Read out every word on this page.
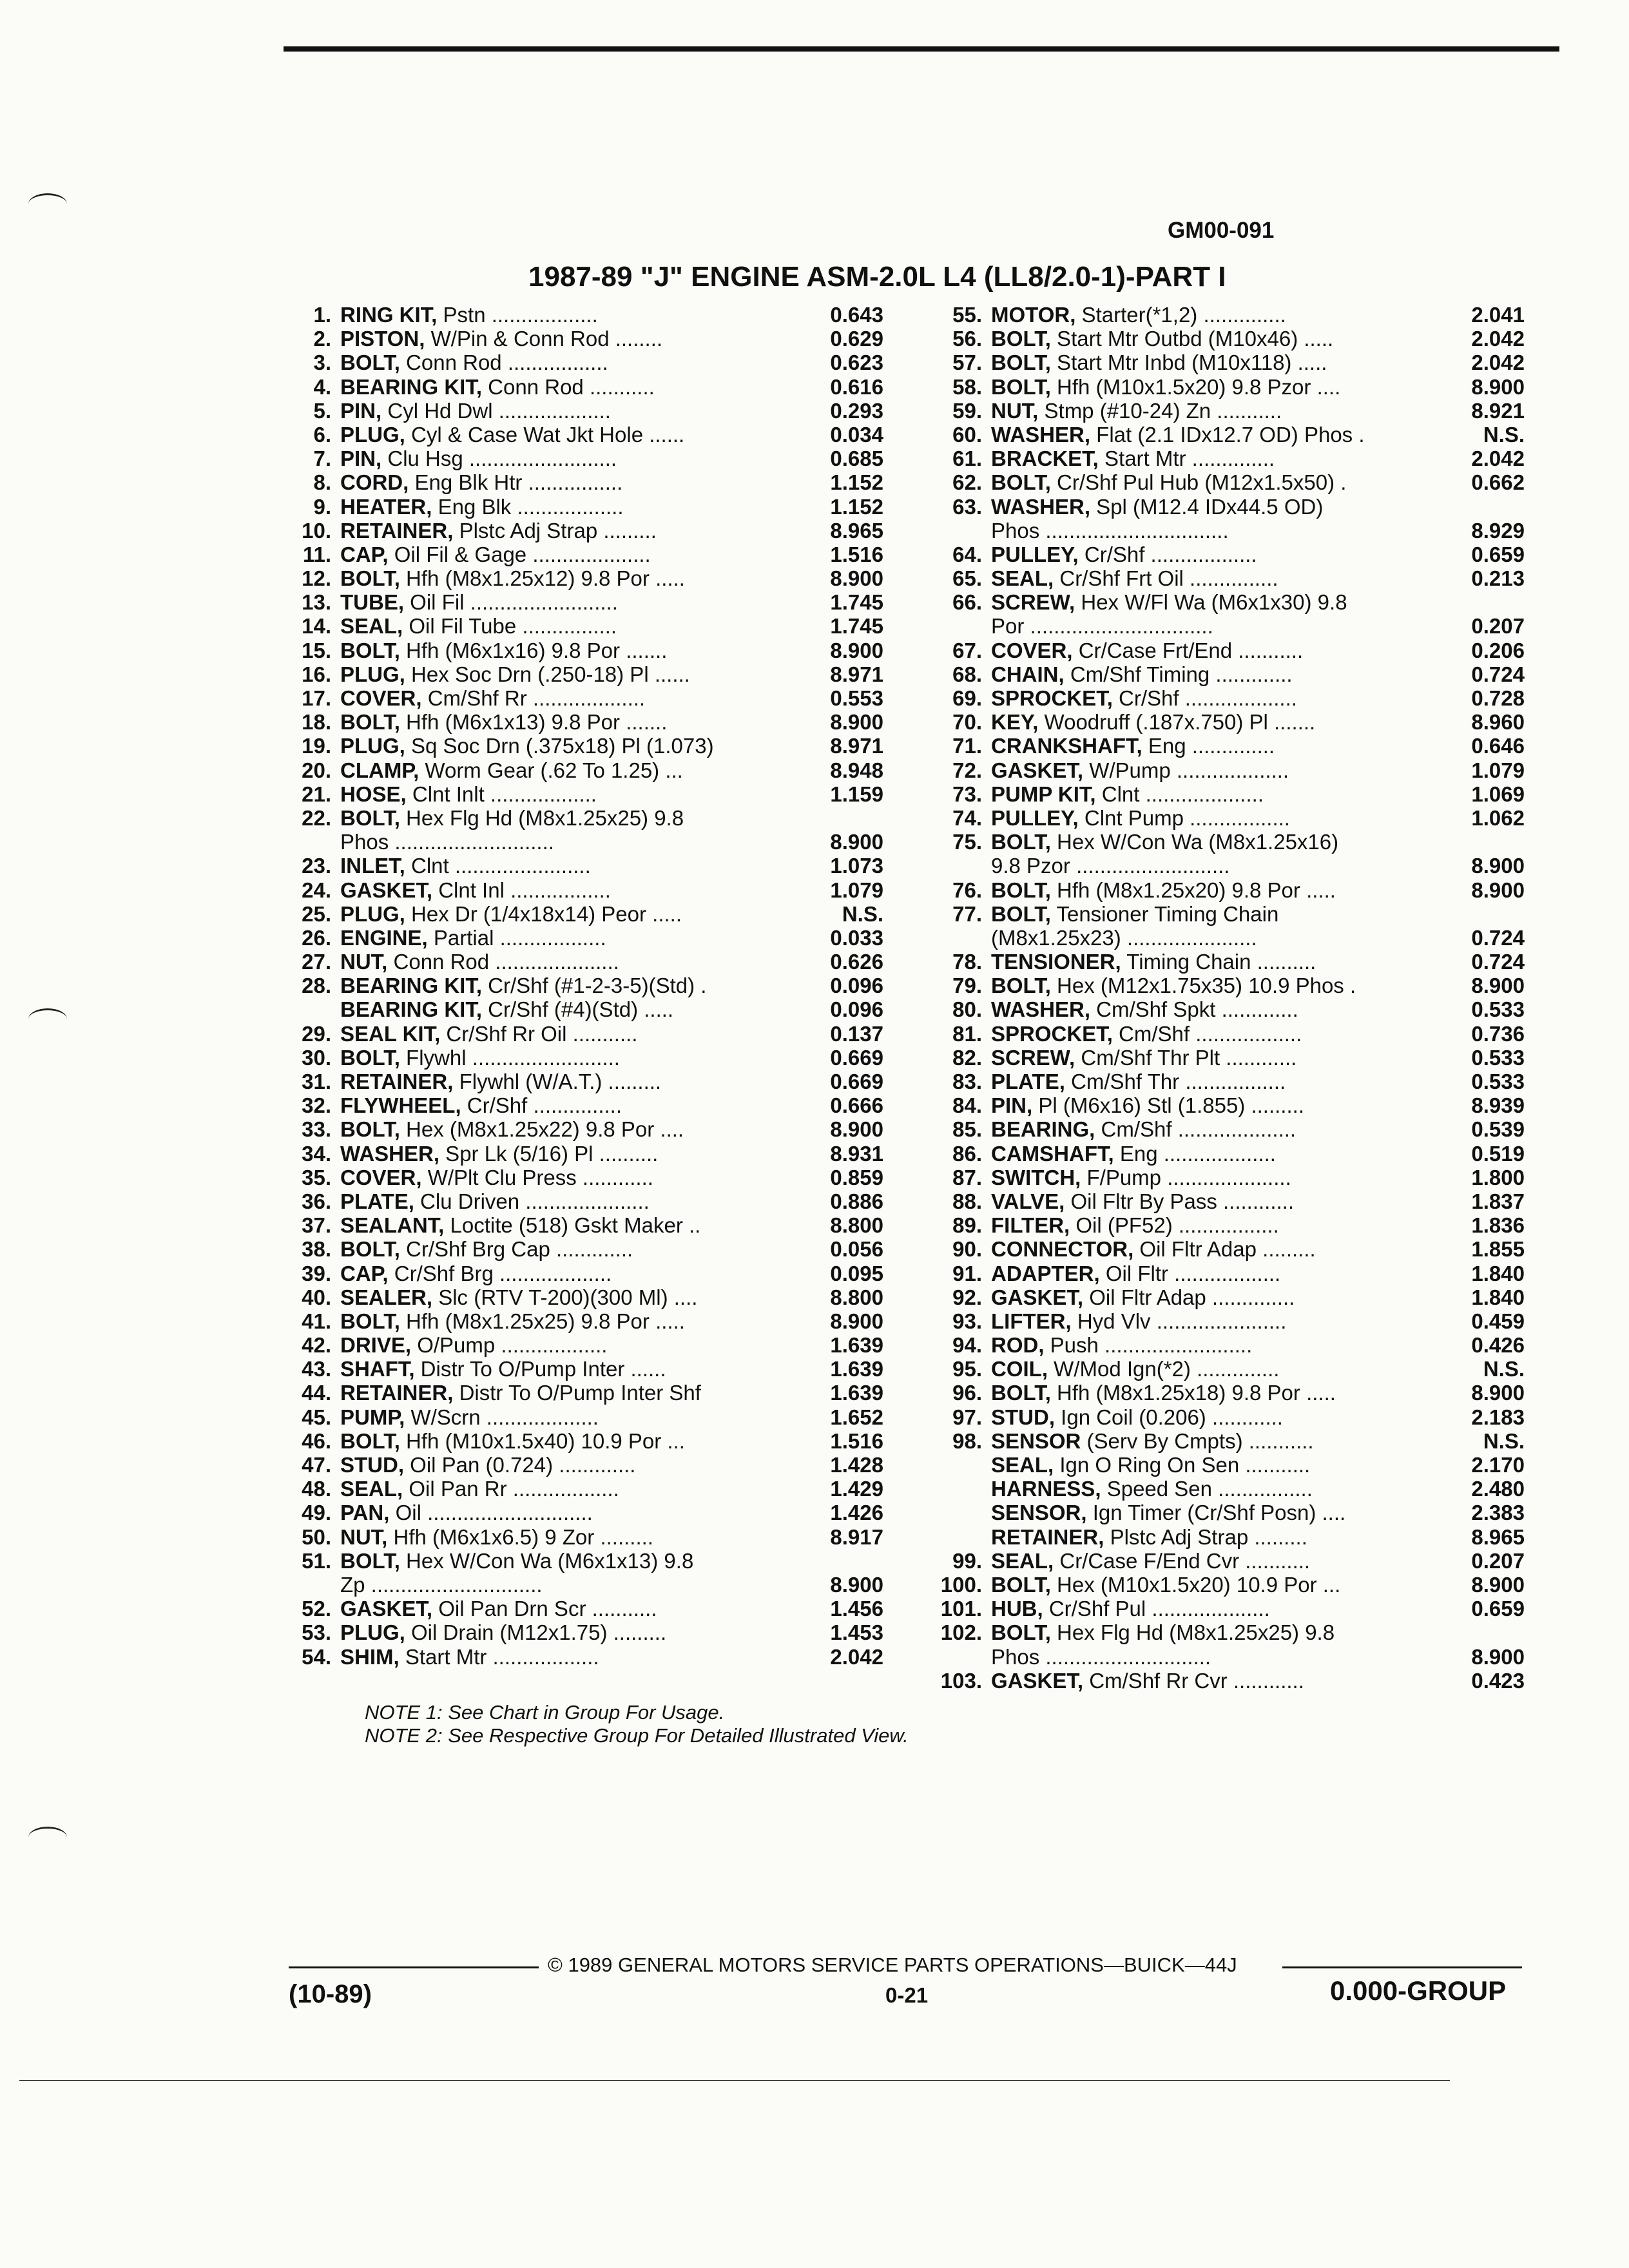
GM00-091
1987-89 "J" ENGINE ASM-2.0L L4 (LL8/2.0-1)-PART I
1. RING KIT, Pstn ..................	0.643
2. PISTON, W/Pin & Conn Rod ........	0.629
3. BOLT, Conn Rod .................	0.623
4. BEARING KIT, Conn Rod ...........	0.616
5. PIN, Cyl Hd Dwl ...................	0.293
6. PLUG, Cyl & Case Wat Jkt Hole ......	0.034
7. PIN, Clu Hsg .........................	0.685
8. CORD, Eng Blk Htr ................	1.152
9. HEATER, Eng Blk ..................	1.152
10. RETAINER, Plstc Adj Strap .........	8.965
11. CAP, Oil Fil & Gage ....................	1.516
12. BOLT, Hfh (M8x1.25x12) 9.8 Por .....	8.900
13. TUBE, Oil Fil .........................	1.745
14. SEAL, Oil Fil Tube ................	1.745
15. BOLT, Hfh (M6x1x16) 9.8 Por .......	8.900
16. PLUG, Hex Soc Drn (.250-18) Pl ......	8.971
17. COVER, Cm/Shf Rr ...................	0.553
18. BOLT, Hfh (M6x1x13) 9.8 Por .......	8.900
19. PLUG, Sq Soc Drn (.375x18) Pl (1.073)	8.971
20. CLAMP, Worm Gear (.62 To 1.25) ...	8.948
21. HOSE, Clnt Inlt ..................	1.159
22. BOLT, Hex Flg Hd (M8x1.25x25) 9.8
Phos ...........................	8.900
23. INLET, Clnt .......................	1.073
24. GASKET, Clnt Inl .................	1.079
25. PLUG, Hex Dr (1/4x18x14) Peor .....	N.S.
26. ENGINE, Partial ..................	0.033
27. NUT, Conn Rod .....................	0.626
28. BEARING KIT, Cr/Shf (#1-2-3-5)(Std) .	0.096
BEARING KIT, Cr/Shf (#4)(Std) .....	0.096
29. SEAL KIT, Cr/Shf Rr Oil ...........	0.137
30. BOLT, Flywhl .........................	0.669
31. RETAINER, Flywhl (W/A.T.) .........	0.669
32. FLYWHEEL, Cr/Shf ...............	0.666
33. BOLT, Hex (M8x1.25x22) 9.8 Por ....	8.900
34. WASHER, Spr Lk (5/16) Pl ..........	8.931
35. COVER, W/Plt Clu Press ............	0.859
36. PLATE, Clu Driven .....................	0.886
37. SEALANT, Loctite (518) Gskt Maker ..	8.800
38. BOLT, Cr/Shf Brg Cap .............	0.056
39. CAP, Cr/Shf Brg ...................	0.095
40. SEALER, Slc (RTV T-200)(300 Ml) ....	8.800
41. BOLT, Hfh (M8x1.25x25) 9.8 Por .....	8.900
42. DRIVE, O/Pump ..................	1.639
43. SHAFT, Distr To O/Pump Inter ......	1.639
44. RETAINER, Distr To O/Pump Inter Shf	1.639
45. PUMP, W/Scrn ...................	1.652
46. BOLT, Hfh (M10x1.5x40) 10.9 Por ...	1.516
47. STUD, Oil Pan (0.724) .............	1.428
48. SEAL, Oil Pan Rr ..................	1.429
49. PAN, Oil ............................	1.426
50. NUT, Hfh (M6x1x6.5) 9 Zor .........	8.917
51. BOLT, Hex W/Con Wa (M6x1x13) 9.8
Zp .............................	8.900
52. GASKET, Oil Pan Drn Scr ...........	1.456
53. PLUG, Oil Drain (M12x1.75) .........	1.453
54. SHIM, Start Mtr ..................	2.042
55. MOTOR, Starter(*1,2) ..............	2.041
56. BOLT, Start Mtr Outbd (M10x46) .....	2.042
57. BOLT, Start Mtr Inbd (M10x118) .....	2.042
58. BOLT, Hfh (M10x1.5x20) 9.8 Pzor ....	8.900
59. NUT, Stmp (#10-24) Zn ...........	8.921
60. WASHER, Flat (2.1 IDx12.7 OD) Phos .	N.S.
61. BRACKET, Start Mtr ..............	2.042
62. BOLT, Cr/Shf Pul Hub (M12x1.5x50) .	0.662
63. WASHER, Spl (M12.4 IDx44.5 OD)
Phos ...............................	8.929
64. PULLEY, Cr/Shf ..................	0.659
65. SEAL, Cr/Shf Frt Oil ...............	0.213
66. SCREW, Hex W/Fl Wa (M6x1x30) 9.8
Por ...............................	0.207
67. COVER, Cr/Case Frt/End ...........	0.206
68. CHAIN, Cm/Shf Timing .............	0.724
69. SPROCKET, Cr/Shf ...................	0.728
70. KEY, Woodruff (.187x.750) Pl .......	8.960
71. CRANKSHAFT, Eng ..............	0.646
72. GASKET, W/Pump ...................	1.079
73. PUMP KIT, Clnt ....................	1.069
74. PULLEY, Clnt Pump .................	1.062
75. BOLT, Hex W/Con Wa (M8x1.25x16)
9.8 Pzor ..........................	8.900
76. BOLT, Hfh (M8x1.25x20) 9.8 Por .....	8.900
77. BOLT, Tensioner Timing Chain
(M8x1.25x23) ......................	0.724
78. TENSIONER, Timing Chain ..........	0.724
79. BOLT, Hex (M12x1.75x35) 10.9 Phos .	8.900
80. WASHER, Cm/Shf Spkt .............	0.533
81. SPROCKET, Cm/Shf ..................	0.736
82. SCREW, Cm/Shf Thr Plt ............	0.533
83. PLATE, Cm/Shf Thr .................	0.533
84. PIN, Pl (M6x16) Stl (1.855) .........	8.939
85. BEARING, Cm/Shf ....................	0.539
86. CAMSHAFT, Eng ...................	0.519
87. SWITCH, F/Pump .....................	1.800
88. VALVE, Oil Fltr By Pass ............	1.837
89. FILTER, Oil (PF52) .................	1.836
90. CONNECTOR, Oil Fltr Adap .........	1.855
91. ADAPTER, Oil Fltr ..................	1.840
92. GASKET, Oil Fltr Adap ..............	1.840
93. LIFTER, Hyd Vlv ......................	0.459
94. ROD, Push .........................	0.426
95. COIL, W/Mod Ign(*2) ..............	N.S.
96. BOLT, Hfh (M8x1.25x18) 9.8 Por .....	8.900
97. STUD, Ign Coil (0.206) ............	2.183
98. SENSOR (Serv By Cmpts) ...........	N.S.
SEAL, Ign O Ring On Sen ...........	2.170
HARNESS, Speed Sen ................	2.480
SENSOR, Ign Timer (Cr/Shf Posn) ....	2.383
RETAINER, Plstc Adj Strap .........	8.965
99. SEAL, Cr/Case F/End Cvr ...........	0.207
100. BOLT, Hex (M10x1.5x20) 10.9 Por ...	8.900
101. HUB, Cr/Shf Pul ....................	0.659
102. BOLT, Hex Flg Hd (M8x1.25x25) 9.8
Phos ............................	8.900
103. GASKET, Cm/Shf Rr Cvr ............	0.423
NOTE 1: See Chart in Group For Usage.
NOTE 2: See Respective Group For Detailed Illustrated View.
© 1989 GENERAL MOTORS SERVICE PARTS OPERATIONS—BUICK—44J
(10-89)	0-21	0.000-GROUP
